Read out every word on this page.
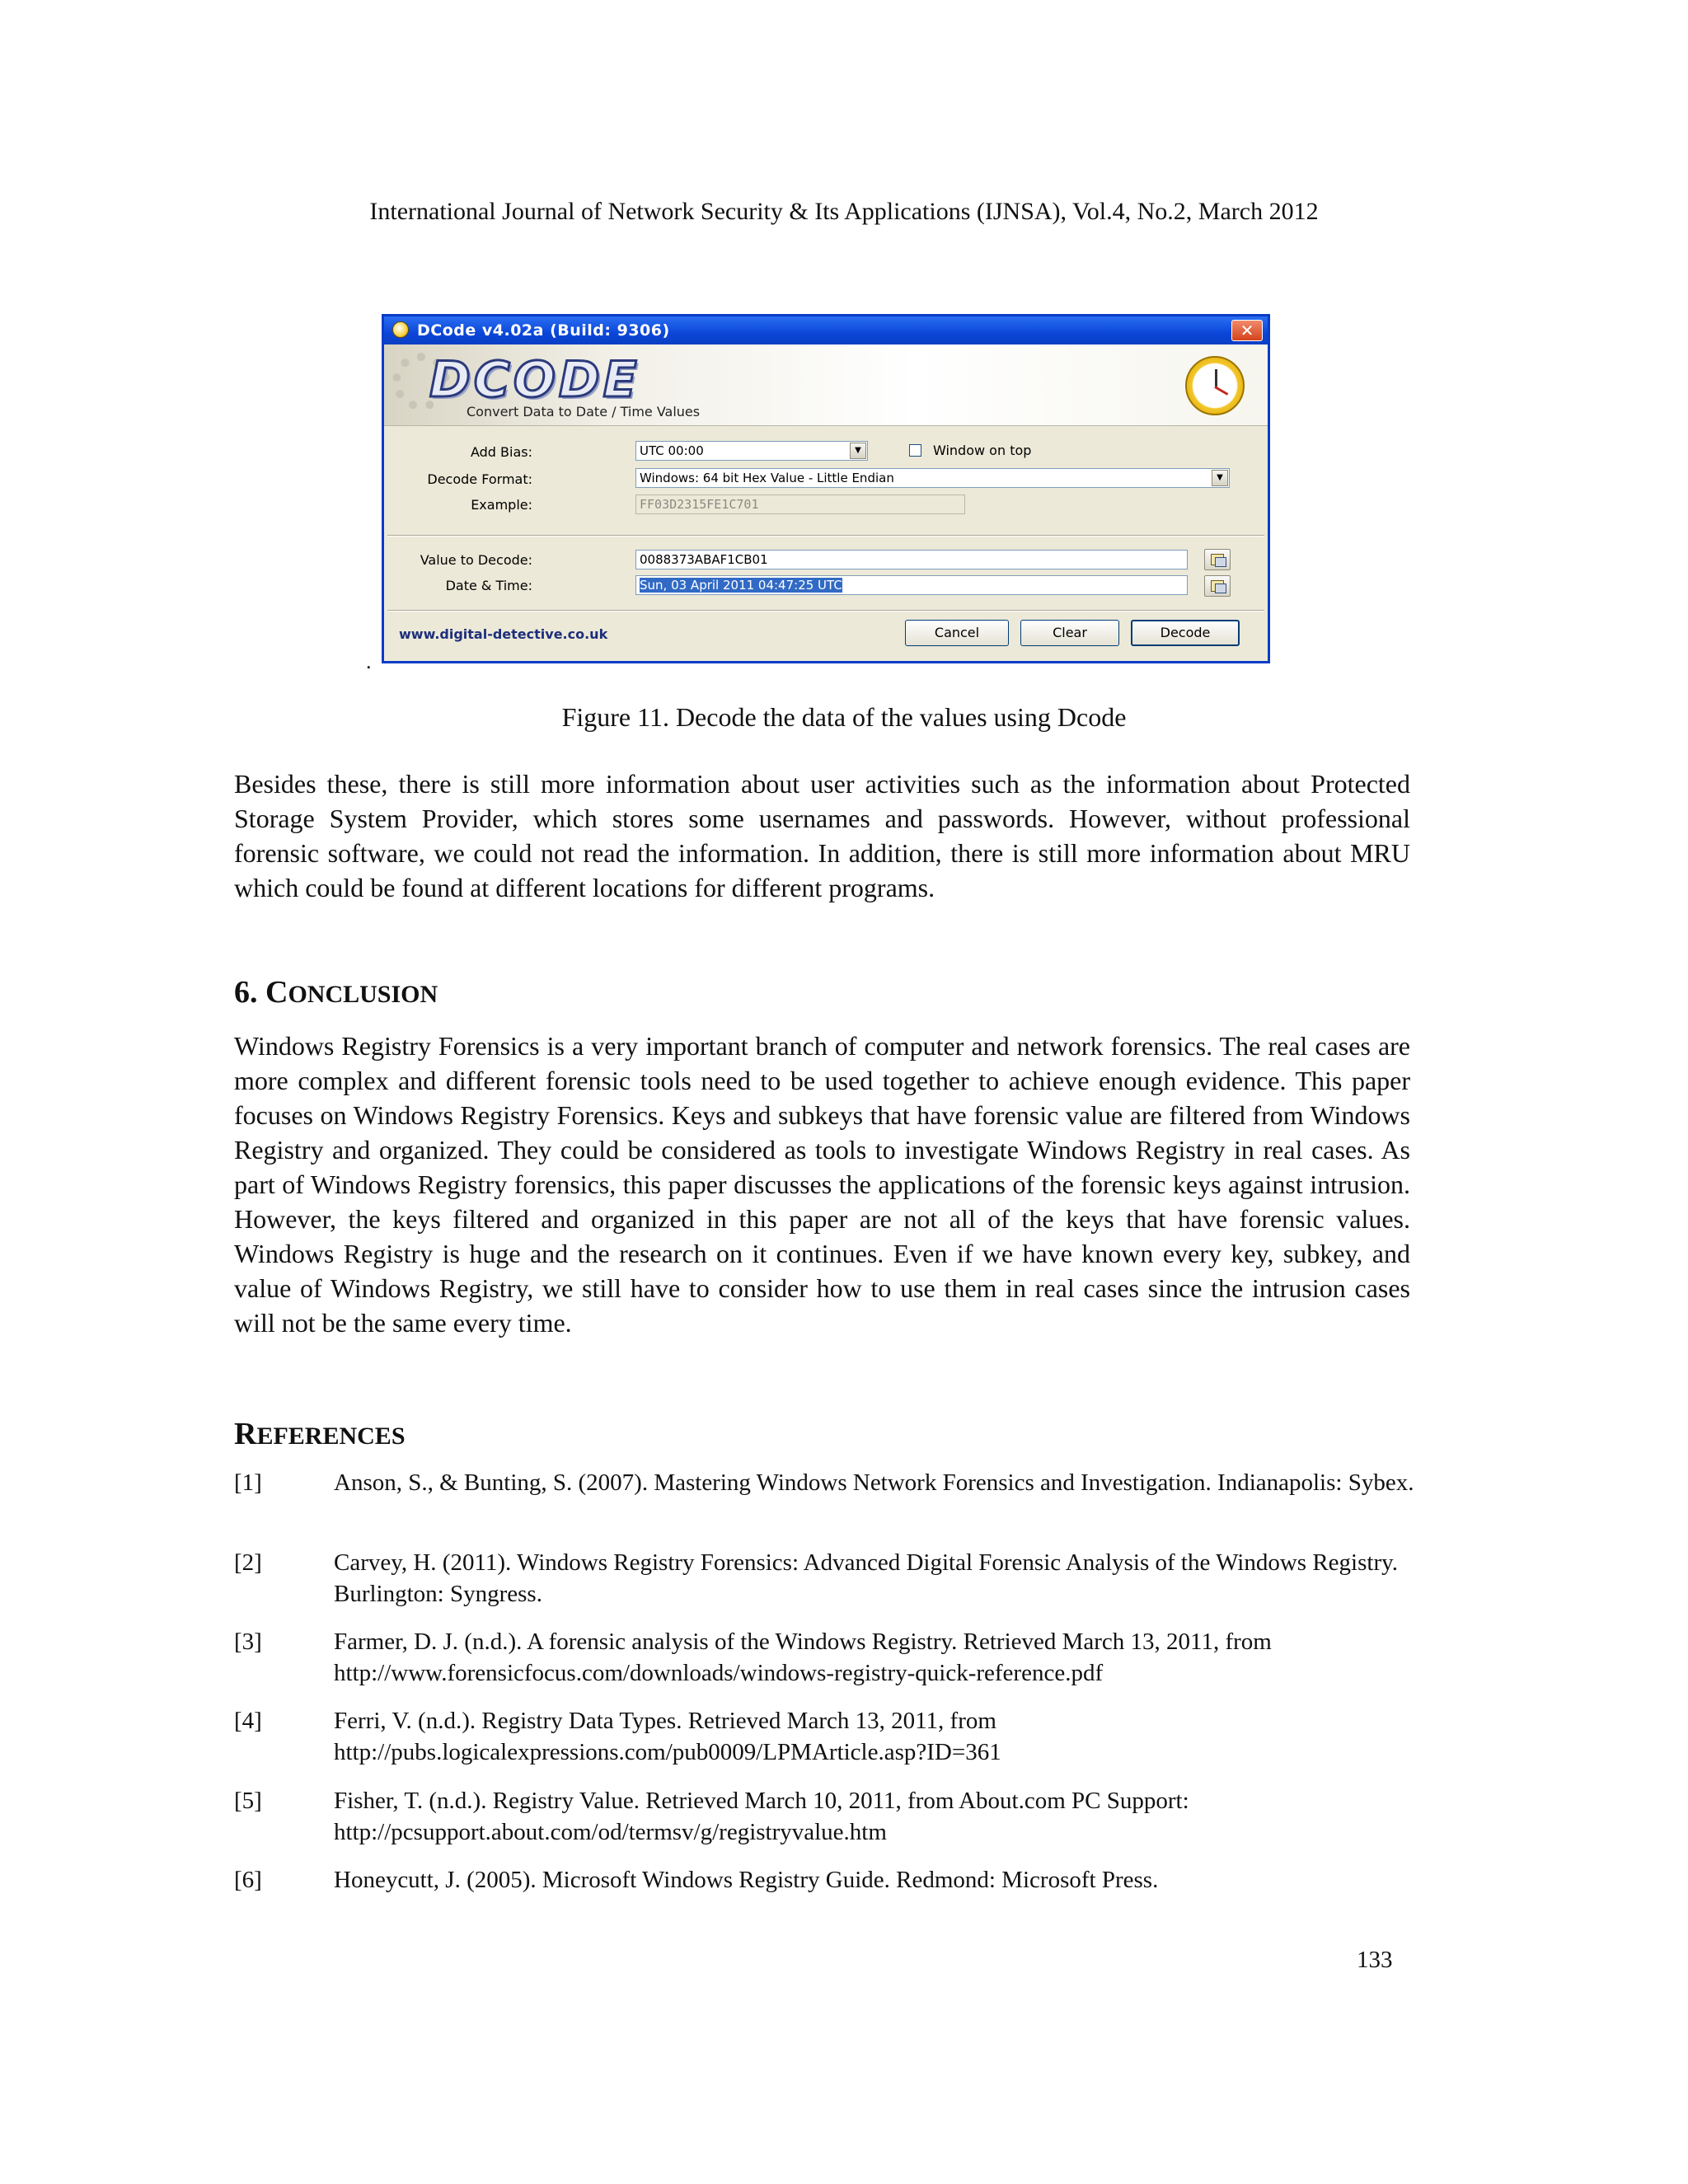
International Journal of Network Security & Its Applications (IJNSA), Vol.4, No.2, March 2012
DCode v4.02a (Build: 9306)	✕
DCODE
Convert Data to Date / Time Values
Add Bias:	UTC 00:00	▼	Window on top
Decode Format:	Windows: 64 bit Hex Value - Little Endian	▼
Example:	FF03D2315FE1C701
Value to Decode:	0088373ABAF1CB01
Date & Time:	Sun, 03 April 2011 04:47:25 UTC
www.digital-detective.co.uk	Cancel	Clear	Decode
.
Figure 11. Decode the data of the values using Dcode

Besides these, there is still more information about user activities such as the information about Protected Storage System Provider, which stores some usernames and passwords. However, without professional forensic software, we could not read the information. In addition, there is still more information about MRU which could be found at different locations for different programs.

6. CONCLUSION

Windows Registry Forensics is a very important branch of computer and network forensics. The real cases are more complex and different forensic tools need to be used together to achieve enough evidence. This paper focuses on Windows Registry Forensics. Keys and subkeys that have forensic value are filtered from Windows Registry and organized. They could be considered as tools to investigate Windows Registry in real cases. As part of Windows Registry forensics, this paper discusses the applications of the forensic keys against intrusion. However, the keys filtered and organized in this paper are not all of the keys that have forensic values. Windows Registry is huge and the research on it continues. Even if we have known every key, subkey, and value of Windows Registry, we still have to consider how to use them in real cases since the intrusion cases will not be the same every time.

REFERENCES
[1]	Anson, S., & Bunting, S. (2007). Mastering Windows Network Forensics and Investigation. Indianapolis: Sybex.
[2]	Carvey, H. (2011). Windows Registry Forensics: Advanced Digital Forensic Analysis of the Windows Registry. Burlington: Syngress.
[3]	Farmer, D. J. (n.d.). A forensic analysis of the Windows Registry. Retrieved March 13, 2011, from http://www.forensicfocus.com/downloads/windows-registry-quick-reference.pdf
[4]	Ferri, V. (n.d.). Registry Data Types. Retrieved March 13, 2011, from http://pubs.logicalexpressions.com/pub0009/LPMArticle.asp?ID=361
[5]	Fisher, T. (n.d.). Registry Value. Retrieved March 10, 2011, from About.com PC Support: http://pcsupport.about.com/od/termsv/g/registryvalue.htm
[6]	Honeycutt, J. (2005). Microsoft Windows Registry Guide. Redmond: Microsoft Press.
133
